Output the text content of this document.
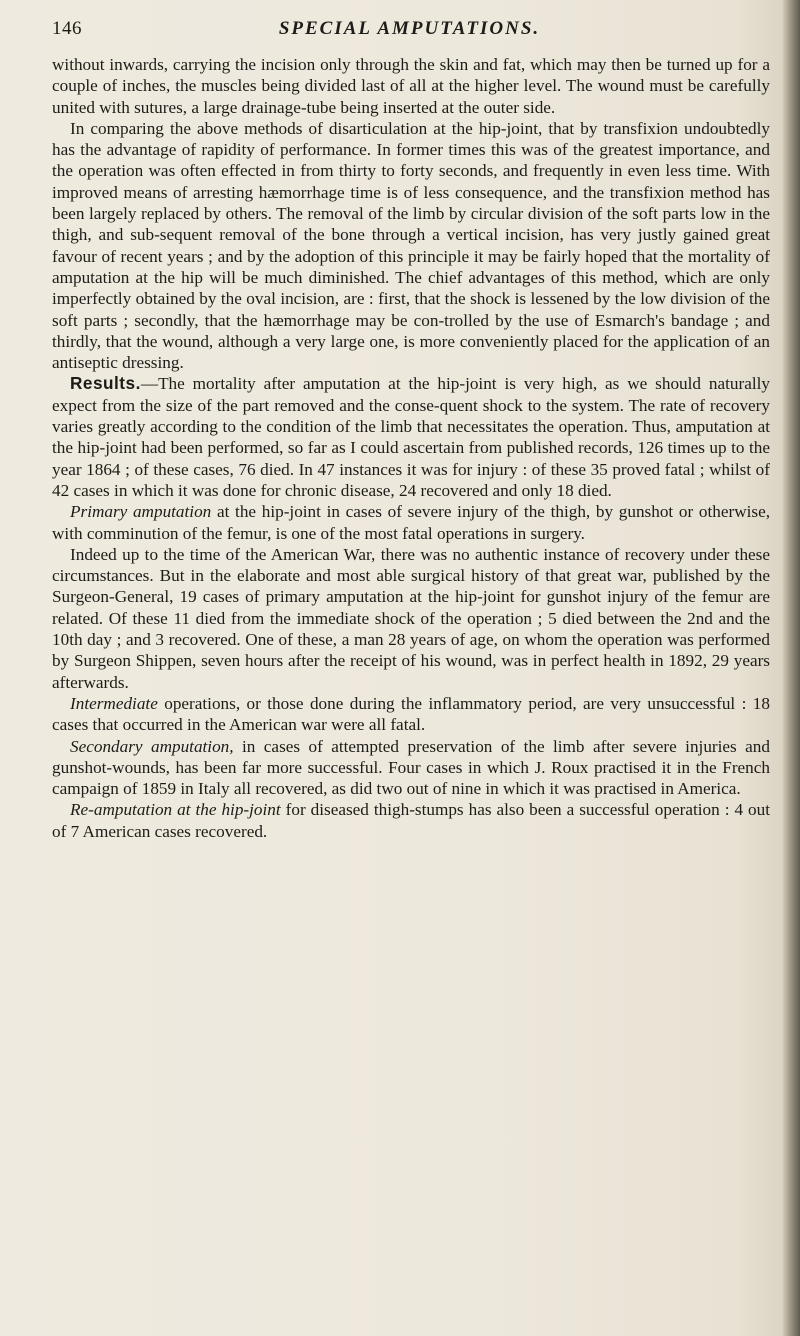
146	SPECIAL AMPUTATIONS.

without inwards, carrying the incision only through the skin and fat, which may then be turned up for a couple of inches, the muscles being divided last of all at the higher level. The wound must be carefully united with sutures, a large drainage-tube being inserted at the outer side.

In comparing the above methods of disarticulation at the hip-joint, that by transfixion undoubtedly has the advantage of rapidity of performance. In former times this was of the greatest importance, and the operation was often effected in from thirty to forty seconds, and frequently in even less time. With improved means of arresting hæmorrhage time is of less consequence, and the transfixion method has been largely replaced by others. The removal of the limb by circular division of the soft parts low in the thigh, and sub-sequent removal of the bone through a vertical incision, has very justly gained great favour of recent years ; and by the adoption of this principle it may be fairly hoped that the mortality of amputation at the hip will be much diminished. The chief advantages of this method, which are only imperfectly obtained by the oval incision, are : first, that the shock is lessened by the low division of the soft parts ; secondly, that the hæmorrhage may be con-trolled by the use of Esmarch's bandage ; and thirdly, that the wound, although a very large one, is more conveniently placed for the application of an antiseptic dressing.

Results.—The mortality after amputation at the hip-joint is very high, as we should naturally expect from the size of the part removed and the conse-quent shock to the system. The rate of recovery varies greatly according to the condition of the limb that necessitates the operation. Thus, amputation at the hip-joint had been performed, so far as I could ascertain from published records, 126 times up to the year 1864 ; of these cases, 76 died. In 47 instances it was for injury : of these 35 proved fatal ; whilst of 42 cases in which it was done for chronic disease, 24 recovered and only 18 died.

Primary amputation at the hip-joint in cases of severe injury of the thigh, by gunshot or otherwise, with comminution of the femur, is one of the most fatal operations in surgery.

Indeed up to the time of the American War, there was no authentic instance of recovery under these circumstances. But in the elaborate and most able surgical history of that great war, published by the Surgeon-General, 19 cases of primary amputation at the hip-joint for gunshot injury of the femur are related. Of these 11 died from the immediate shock of the operation ; 5 died between the 2nd and the 10th day ; and 3 recovered. One of these, a man 28 years of age, on whom the operation was performed by Surgeon Shippen, seven hours after the receipt of his wound, was in perfect health in 1892, 29 years afterwards.

Intermediate operations, or those done during the inflammatory period, are very unsuccessful : 18 cases that occurred in the American war were all fatal.

Secondary amputation, in cases of attempted preservation of the limb after severe injuries and gunshot-wounds, has been far more successful. Four cases in which J. Roux practised it in the French campaign of 1859 in Italy all recovered, as did two out of nine in which it was practised in America.

Re-amputation at the hip-joint for diseased thigh-stumps has also been a successful operation : 4 out of 7 American cases recovered.
